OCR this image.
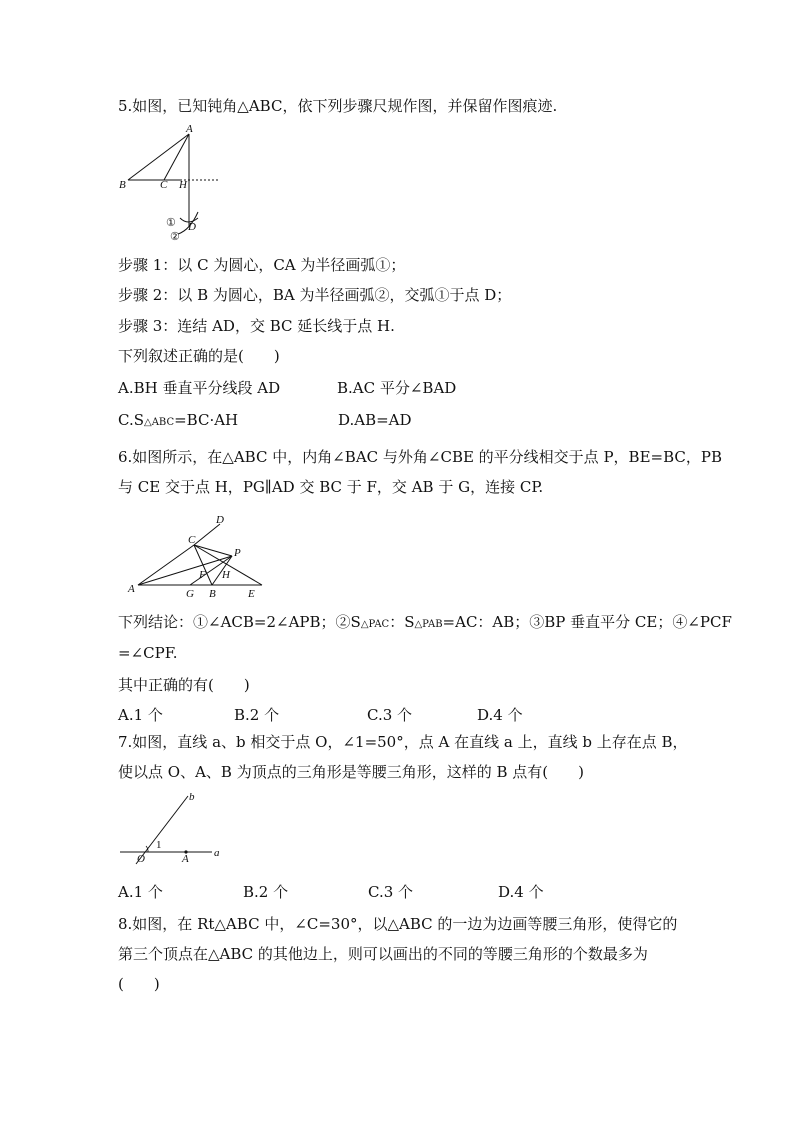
5.如图，已知钝角△ABC，依下列步骤尺规作图，并保留作图痕迹.
A
B	C H
D
①
②
步骤 1：以 C 为圆心，CA 为半径画弧①；
步骤 2：以 B 为圆心，BA 为半径画弧②，交弧①于点 D；
步骤 3：连结 AD，交 BC 延长线于点 H.
下列叙述正确的是(　　)
A.BH 垂直平分线段 AD	B.AC 平分∠BAD
C.S△ABC=BC·AH	D.AB=AD
6.如图所示，在△ABC 中，内角∠BAC 与外角∠CBE 的平分线相交于点 P，BE=BC，PB
与 CE 交于点 H，PG∥AD 交 BC 于 F，交 AB 于 G，连接 CP.
A
C
D
P
F H
G B	E
下列结论：①∠ACB=2∠APB；②S△PAC：S△PAB=AC：AB；③BP 垂直平分 CE；④∠PCF
=∠CPF.
其中正确的有(　　)
A.1 个	B.2 个	C.3 个	D.4 个
7.如图，直线 a、b 相交于点 O，∠1=50°，点 A 在直线 a 上，直线 b 上存在点 B，
使以点 O、A、B 为顶点的三角形是等腰三角形，这样的 B 点有(　　)
b
a
O	A
1
A.1 个	B.2 个	C.3 个	D.4 个
8.如图，在 Rt△ABC 中，∠C=30°，以△ABC 的一边为边画等腰三角形，使得它的
第三个顶点在△ABC 的其他边上，则可以画出的不同的等腰三角形的个数最多为
(　　)
